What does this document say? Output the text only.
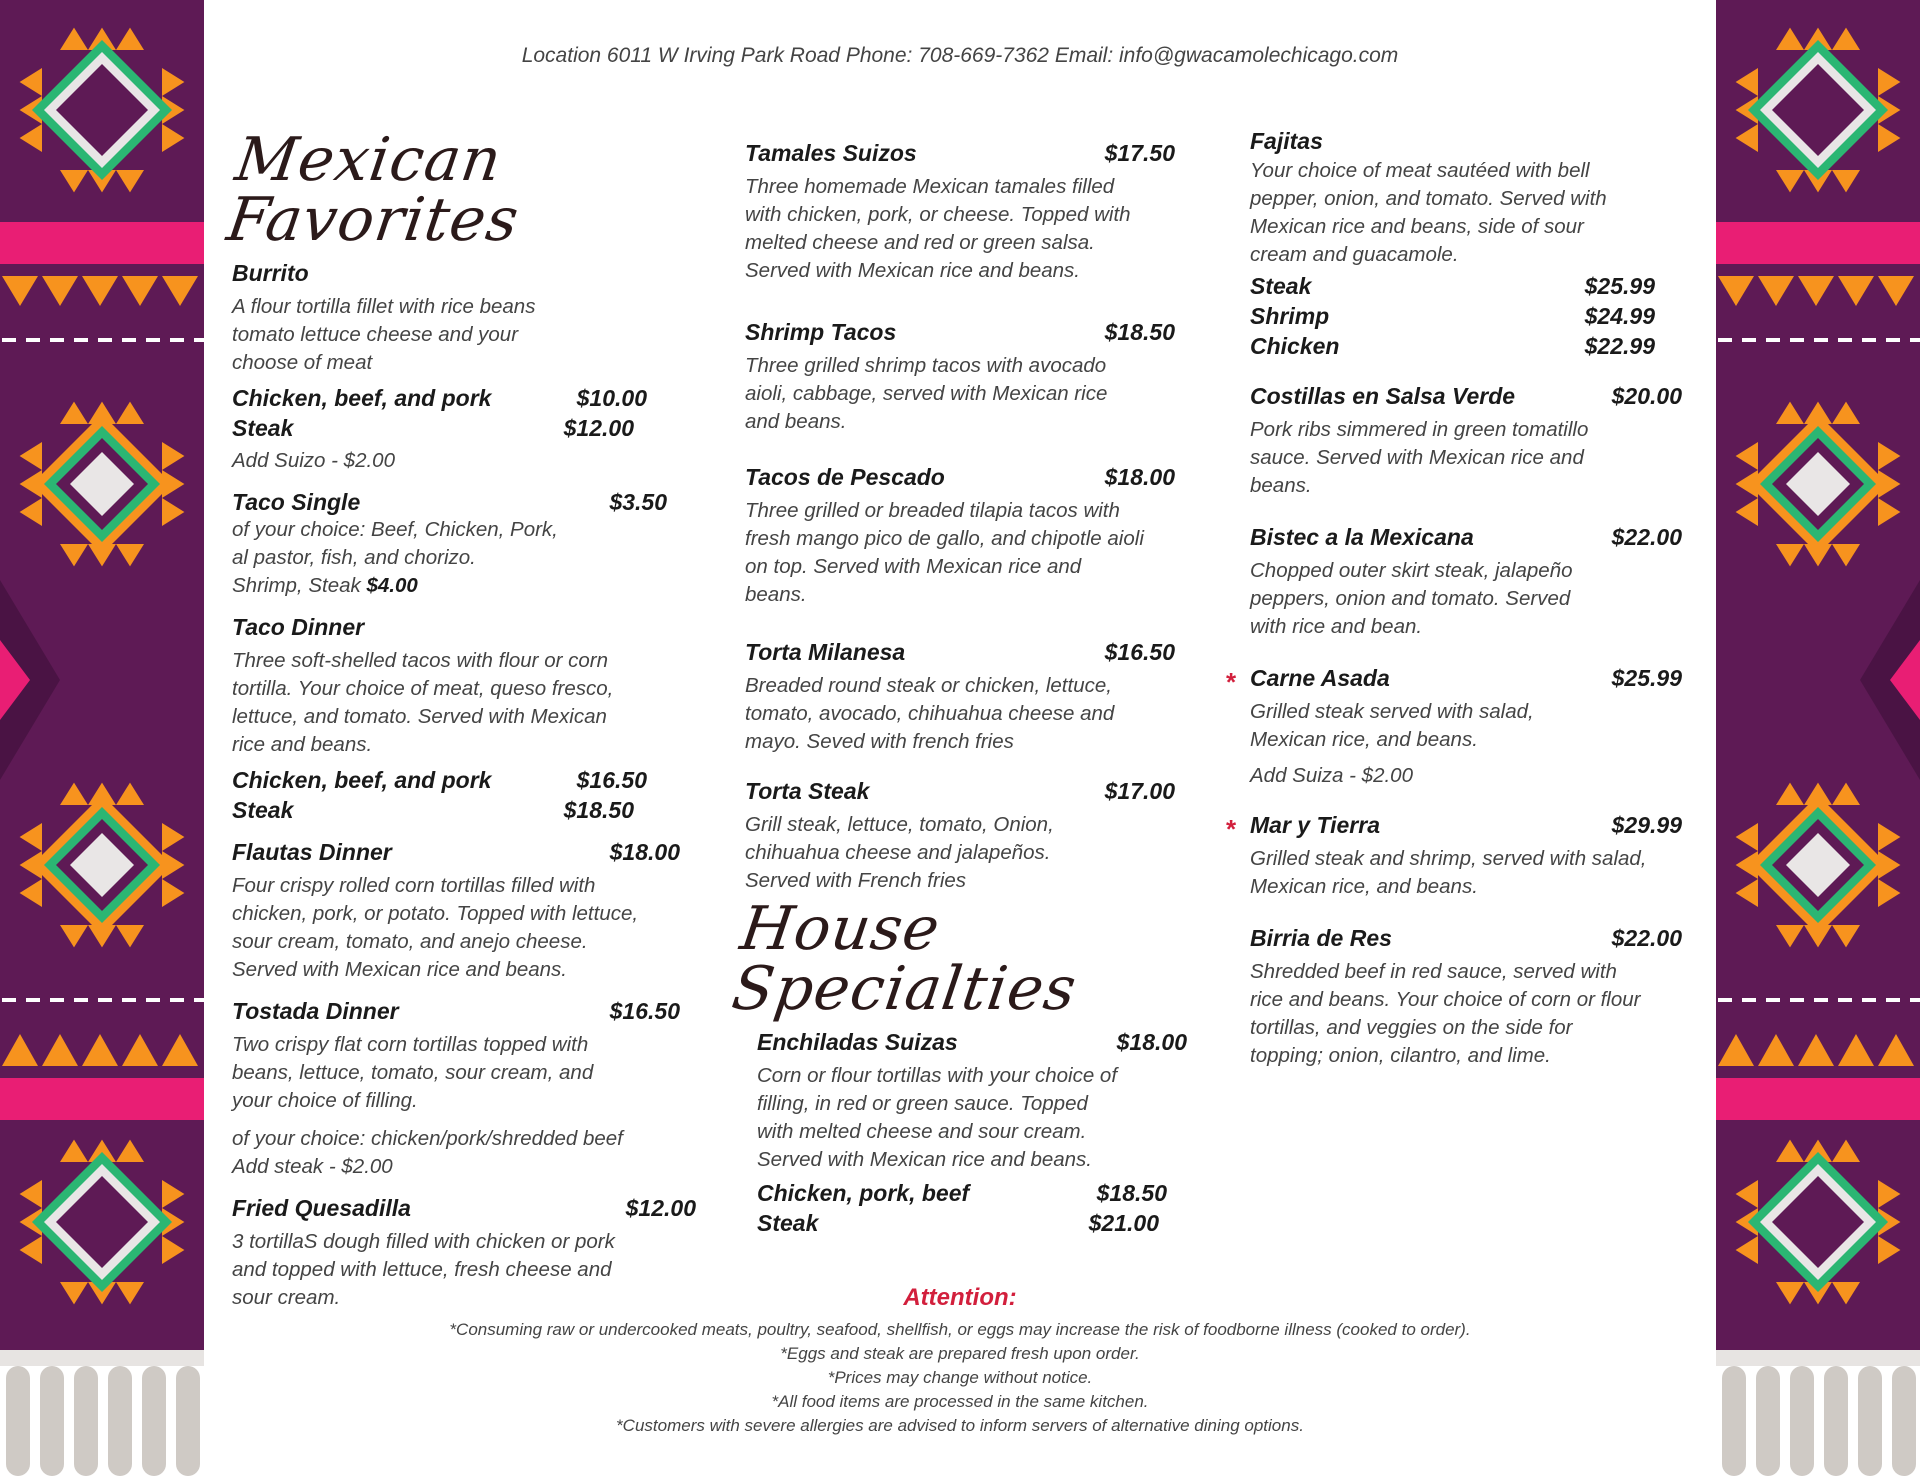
Location 6011 W Irving Park Road Phone: 708-669-7362 Email: info@gwacamolechicago.com
Mexican Favorites
Burrito
A flour tortilla fillet with rice beans tomato lettuce cheese and your choose of meat
Chicken, beef, and pork	$10.00
Steak	$12.00
Add Suizo - $2.00
Taco Single	$3.50
of your choice: Beef, Chicken, Pork, al pastor, fish, and chorizo.
Shrimp, Steak $4.00
Taco Dinner
Three soft-shelled tacos with flour or corn tortilla. Your choice of meat, queso fresco, lettuce, and tomato. Served with Mexican rice and beans.
Chicken, beef, and pork	$16.50
Steak	$18.50
Flautas Dinner	$18.00
Four crispy rolled corn tortillas filled with chicken, pork, or potato. Topped with lettuce, sour cream, tomato, and anejo cheese. Served with Mexican rice and beans.
Tostada Dinner	$16.50
Two crispy flat corn tortillas topped with beans, lettuce, tomato, sour cream, and your choice of filling.
of your choice: chicken/pork/shredded beef
Add steak - $2.00
Fried Quesadilla	$12.00
3 tortillaS dough filled with chicken or pork and topped with lettuce, fresh cheese and sour cream.
Tamales Suizos	$17.50
Three homemade Mexican tamales filled with chicken, pork, or cheese. Topped with melted cheese and red or green salsa. Served with Mexican rice and beans.
Shrimp Tacos	$18.50
Three grilled shrimp tacos with avocado aioli, cabbage, served with Mexican rice and beans.
Tacos de Pescado	$18.00
Three grilled or breaded tilapia tacos with fresh mango pico de gallo, and chipotle aioli on top. Served with Mexican rice and beans.
Torta Milanesa	$16.50
Breaded round steak or chicken, lettuce, tomato, avocado, chihuahua cheese and mayo. Seved with french fries
Torta Steak	$17.00
Grill steak, lettuce, tomato, Onion, chihuahua cheese and jalapeños. Served with French fries
House Specialties
Enchiladas Suizas	$18.00
Corn or flour tortillas with your choice of filling, in red or green sauce. Topped with melted cheese and sour cream. Served with Mexican rice and beans.
Chicken, pork, beef	$18.50
Steak	$21.00
Fajitas
Your choice of meat sautéed with bell pepper, onion, and tomato. Served with Mexican rice and beans, side of sour cream and guacamole.
Steak	$25.99
Shrimp	$24.99
Chicken	$22.99
Costillas en Salsa Verde	$20.00
Pork ribs simmered in green tomatillo sauce. Served with Mexican rice and beans.
Bistec a la Mexicana	$22.00
Chopped outer skirt steak, jalapeño peppers, onion and tomato. Served with rice and bean.
* Carne Asada	$25.99
Grilled steak served with salad, Mexican rice, and beans.
Add Suiza - $2.00
* Mar y Tierra	$29.99
Grilled steak and shrimp, served with salad, Mexican rice, and beans.
Birria de Res	$22.00
Shredded beef in red sauce, served with rice and beans. Your choice of corn or flour tortillas, and veggies on the side for topping; onion, cilantro, and lime.
Attention:
*Consuming raw or undercooked meats, poultry, seafood, shellfish, or eggs may increase the risk of foodborne illness (cooked to order).
*Eggs and steak are prepared fresh upon order.
*Prices may change without notice.
*All food items are processed in the same kitchen.
*Customers with severe allergies are advised to inform servers of alternative dining options.
